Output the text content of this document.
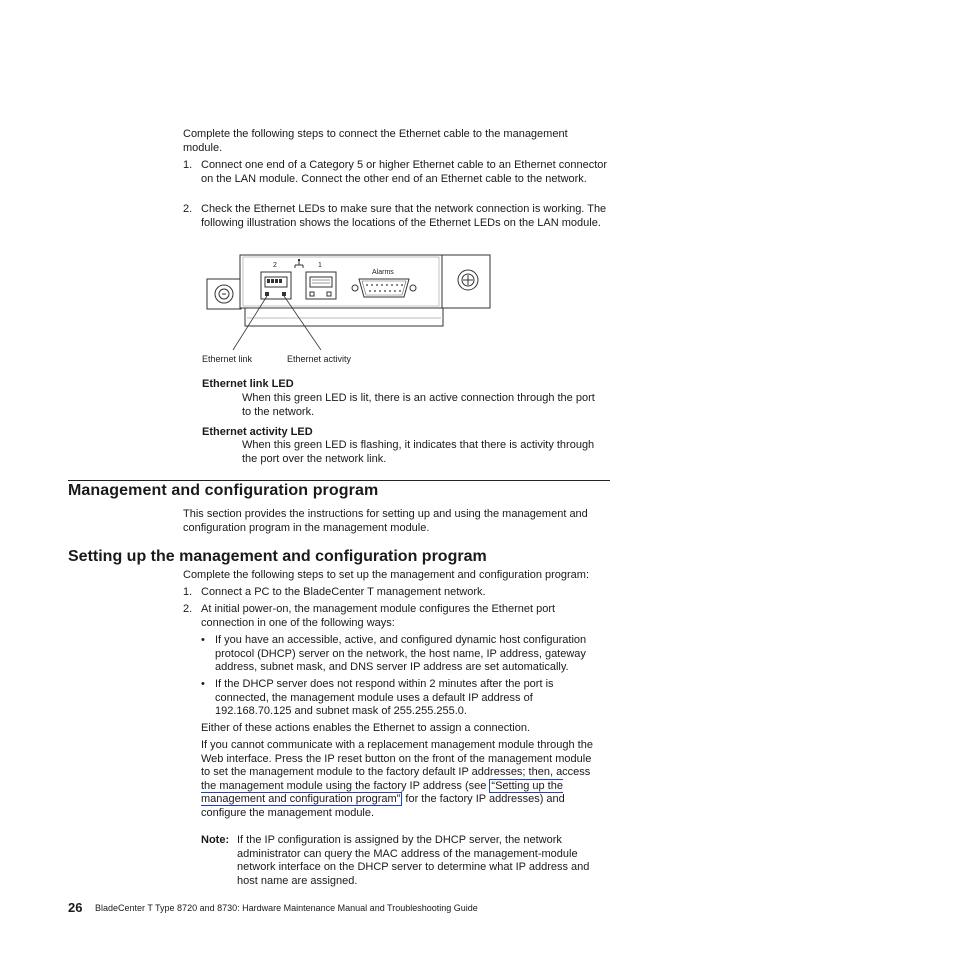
Complete the following steps to connect the Ethernet cable to the management module.
1. Connect one end of a Category 5 or higher Ethernet cable to an Ethernet connector on the LAN module. Connect the other end of an Ethernet cable to the network.
2. Check the Ethernet LEDs to make sure that the network connection is working. The following illustration shows the locations of the Ethernet LEDs on the LAN module.
2	1
Alarms
Ethernet link	Ethernet activity
Ethernet link LED
When this green LED is lit, there is an active connection through the port to the network.
Ethernet activity LED
When this green LED is flashing, it indicates that there is activity through the port over the network link.
Management and configuration program
This section provides the instructions for setting up and using the management and configuration program in the management module.
Setting up the management and configuration program
Complete the following steps to set up the management and configuration program:
1. Connect a PC to the BladeCenter T management network.
2. At initial power-on, the management module configures the Ethernet port connection in one of the following ways:
• If you have an accessible, active, and configured dynamic host configuration protocol (DHCP) server on the network, the host name, IP address, gateway address, subnet mask, and DNS server IP address are set automatically.
• If the DHCP server does not respond within 2 minutes after the port is connected, the management module uses a default IP address of 192.168.70.125 and subnet mask of 255.255.255.0.
Either of these actions enables the Ethernet to assign a connection.
If you cannot communicate with a replacement management module through the Web interface. Press the IP reset button on the front of the management module to set the management module to the factory default IP addresses; then, access the management module using the factory IP address (see “Setting up the management and configuration program” for the factory IP addresses) and configure the management module.
Note: If the IP configuration is assigned by the DHCP server, the network administrator can query the MAC address of the management-module network interface on the DHCP server to determine what IP address and host name are assigned.
26 BladeCenter T Type 8720 and 8730: Hardware Maintenance Manual and Troubleshooting Guide
